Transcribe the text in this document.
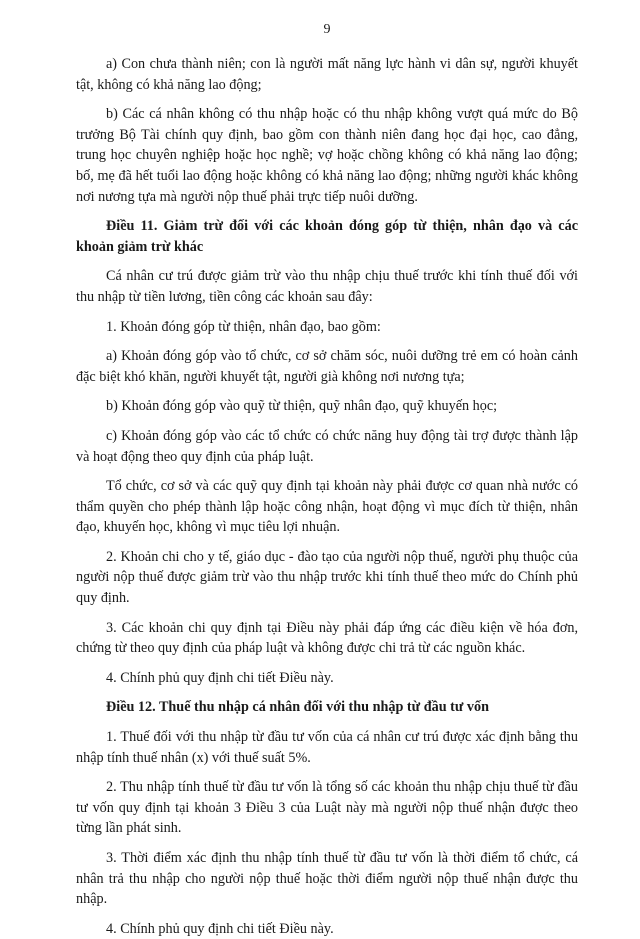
9

a) Con chưa thành niên; con là người mất năng lực hành vi dân sự, người khuyết tật, không có khả năng lao động;

b) Các cá nhân không có thu nhập hoặc có thu nhập không vượt quá mức do Bộ trưởng Bộ Tài chính quy định, bao gồm con thành niên đang học đại học, cao đẳng, trung học chuyên nghiệp hoặc học nghề; vợ hoặc chồng không có khả năng lao động; bố, mẹ đã hết tuổi lao động hoặc không có khả năng lao động; những người khác không nơi nương tựa mà người nộp thuế phải trực tiếp nuôi dưỡng.

Điều 11. Giảm trừ đối với các khoản đóng góp từ thiện, nhân đạo và các khoản giảm trừ khác

Cá nhân cư trú được giảm trừ vào thu nhập chịu thuế trước khi tính thuế đối với thu nhập từ tiền lương, tiền công các khoản sau đây:

1. Khoản đóng góp từ thiện, nhân đạo, bao gồm:

a) Khoản đóng góp vào tổ chức, cơ sở chăm sóc, nuôi dưỡng trẻ em có hoàn cảnh đặc biệt khó khăn, người khuyết tật, người già không nơi nương tựa;

b) Khoản đóng góp vào quỹ từ thiện, quỹ nhân đạo, quỹ khuyến học;

c) Khoản đóng góp vào các tổ chức có chức năng huy động tài trợ được thành lập và hoạt động theo quy định của pháp luật.

Tổ chức, cơ sở và các quỹ quy định tại khoản này phải được cơ quan nhà nước có thẩm quyền cho phép thành lập hoặc công nhận, hoạt động vì mục đích từ thiện, nhân đạo, khuyến học, không vì mục tiêu lợi nhuận.

2. Khoản chi cho y tế, giáo dục - đào tạo của người nộp thuế, người phụ thuộc của người nộp thuế được giảm trừ vào thu nhập trước khi tính thuế theo mức do Chính phủ quy định.

3. Các khoản chi quy định tại Điều này phải đáp ứng các điều kiện về hóa đơn, chứng từ theo quy định của pháp luật và không được chi trả từ các nguồn khác.

4. Chính phủ quy định chi tiết Điều này.

Điều 12. Thuế thu nhập cá nhân đối với thu nhập từ đầu tư vốn

1. Thuế đối với thu nhập từ đầu tư vốn của cá nhân cư trú được xác định bằng thu nhập tính thuế nhân (x) với thuế suất 5%.

2. Thu nhập tính thuế từ đầu tư vốn là tổng số các khoản thu nhập chịu thuế từ đầu tư vốn quy định tại khoản 3 Điều 3 của Luật này mà người nộp thuế nhận được theo từng lần phát sinh.

3. Thời điểm xác định thu nhập tính thuế từ đầu tư vốn là thời điểm tổ chức, cá nhân trả thu nhập cho người nộp thuế hoặc thời điểm người nộp thuế nhận được thu nhập.

4. Chính phủ quy định chi tiết Điều này.
